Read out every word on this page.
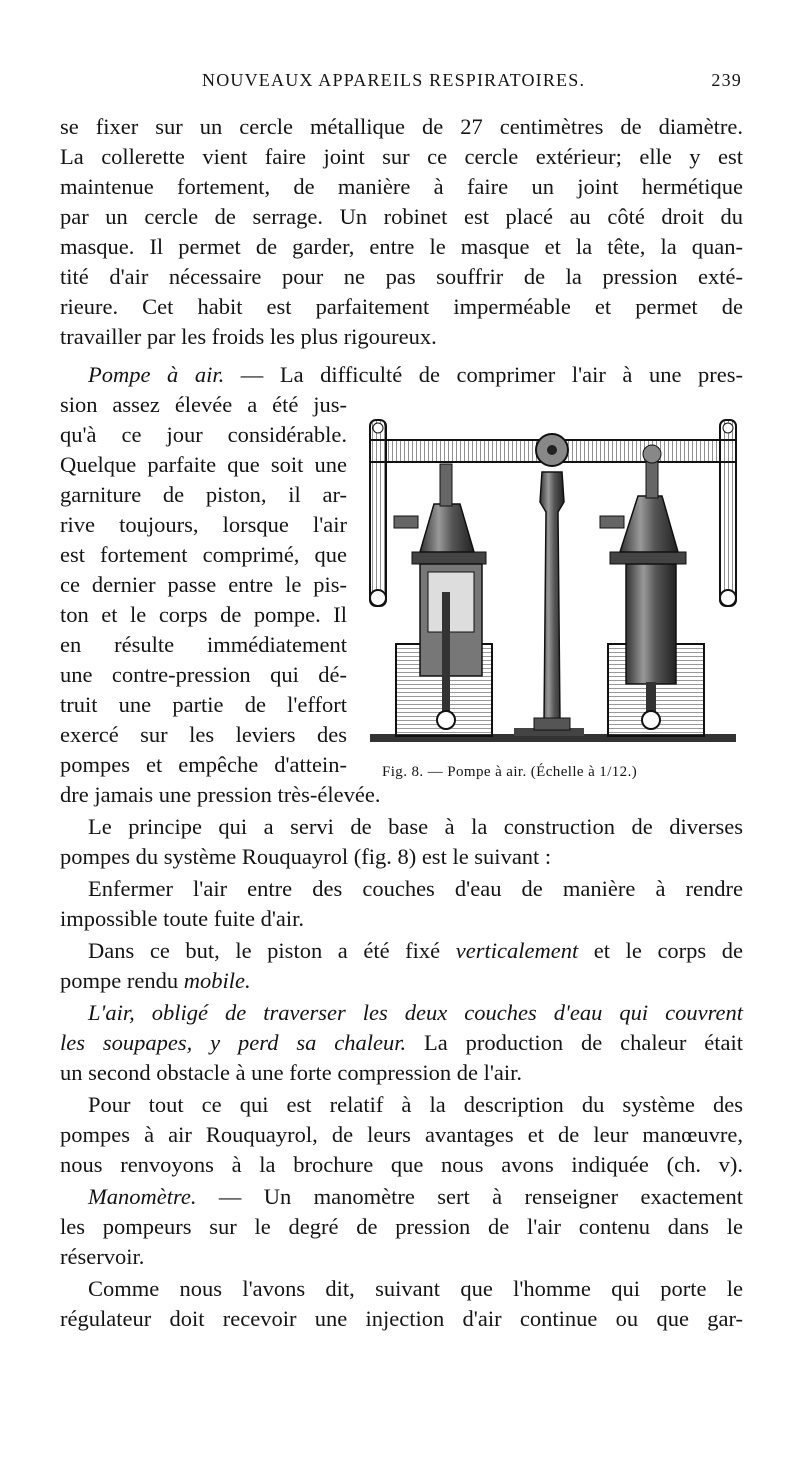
NOUVEAUX APPAREILS RESPIRATOIRES.	239
se fixer sur un cercle métallique de 27 centimètres de diamètre.
La collerette vient faire joint sur ce cercle extérieur; elle y est
maintenue fortement, de manière à faire un joint hermétique
par un cercle de serrage. Un robinet est placé au côté droit du
masque. Il permet de garder, entre le masque et la tête, la quan-
tité d'air nécessaire pour ne pas souffrir de la pression exté-
rieure. Cet habit est parfaitement imperméable et permet de
travailler par les froids les plus rigoureux.
Pompe à air. — La difficulté de comprimer l'air à une pres-
sion assez élevée a été jus-
qu'à ce jour considérable.
Quelque parfaite que soit une
garniture de piston, il ar-
rive toujours, lorsque l'air
est fortement comprimé, que
ce dernier passe entre le pis-
ton et le corps de pompe. Il
en résulte immédiatement
une contre-pression qui dé-
truit une partie de l'effort
exercé sur les leviers des
pompes et empêche d'attein-
dre jamais une pression très-élevée.
Le principe qui a servi de base à la construction de diverses
pompes du système Rouquayrol (fig. 8) est le suivant :
Enfermer l'air entre des couches d'eau de manière à rendre
impossible toute fuite d'air.
Dans ce but, le piston a été fixé verticalement et le corps de
pompe rendu mobile.
L'air, obligé de traverser les deux couches d'eau qui couvrent
les soupapes, y perd sa chaleur. La production de chaleur était
un second obstacle à une forte compression de l'air.
Pour tout ce qui est relatif à la description du système des
pompes à air Rouquayrol, de leurs avantages et de leur manœuvre,
nous renvoyons à la brochure que nous avons indiquée (ch. v).
Manomètre. — Un manomètre sert à renseigner exactement
les pompeurs sur le degré de pression de l'air contenu dans le
réservoir.
Comme nous l'avons dit, suivant que l'homme qui porte le
régulateur doit recevoir une injection d'air continue ou que gar-
Fig. 8. — Pompe à air. (Échelle à 1/12.)
